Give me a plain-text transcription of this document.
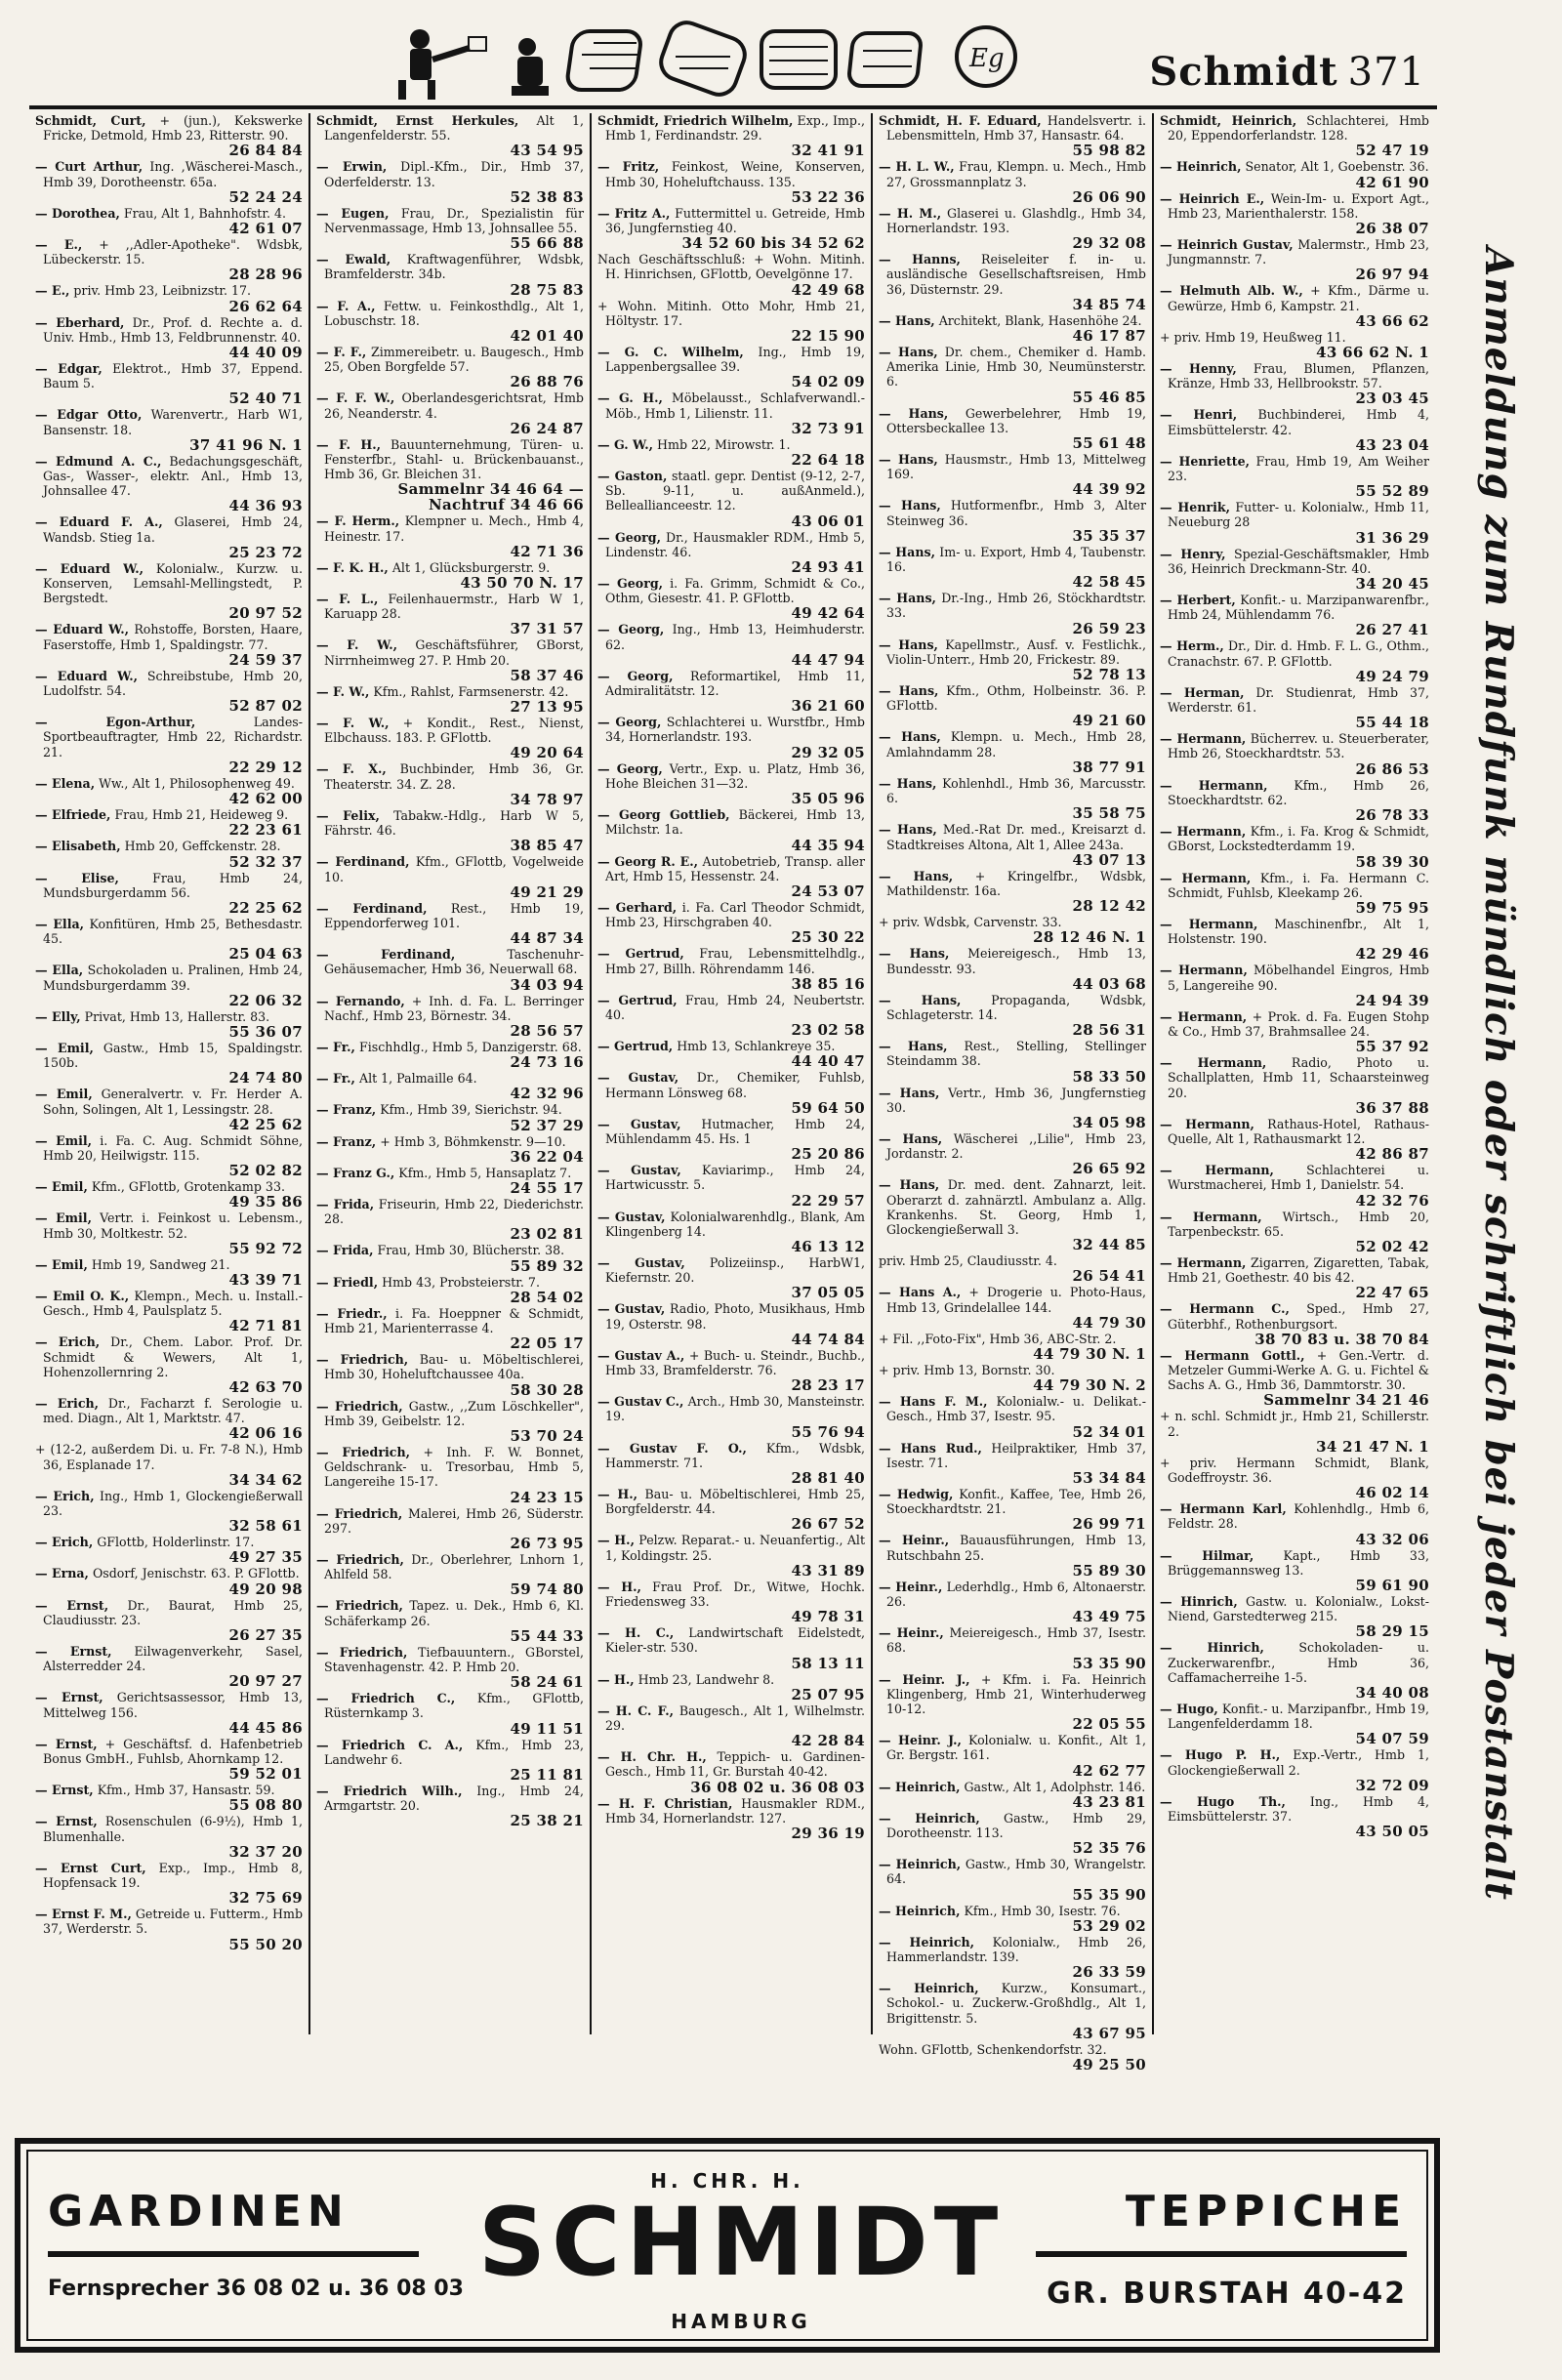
Eg	Schmidt 371
Schmidt, Curt, + (jun.), Kekswerke Fricke, Detmold, Hmb 23, Ritterstr. 90.
26 84 84
— Curt Arthur, Ing. ,Wäscherei-Masch., Hmb 39, Dorotheenstr. 65a.
52 24 24
— Dorothea, Frau, Alt 1, Bahnhofstr. 4.
42 61 07
— E., + ,,Adler-Apotheke". Wdsbk, Lübeckerstr. 15.
28 28 96
— E., priv. Hmb 23, Leibnizstr. 17.
26 62 64
— Eberhard, Dr., Prof. d. Rechte a. d. Univ. Hmb., Hmb 13, Feldbrunnenstr. 40.
44 40 09
— Edgar, Elektrot., Hmb 37, Eppend. Baum 5.
52 40 71
— Edgar Otto, Warenvertr., Harb W1, Bansenstr. 18.
37 41 96 N. 1
— Edmund A. C., Bedachungsgeschäft, Gas-, Wasser-, elektr. Anl., Hmb 13, Johnsallee 47.
44 36 93
— Eduard F. A., Glaserei, Hmb 24, Wandsb. Stieg 1a.
25 23 72
— Eduard W., Kolonialw., Kurzw. u. Konserven, Lemsahl-Mellingstedt, P. Bergstedt.
20 97 52
— Eduard W., Rohstoffe, Borsten, Haare, Faserstoffe, Hmb 1, Spaldingstr. 77.
24 59 37
— Eduard W., Schreibstube, Hmb 20, Ludolfstr. 54.
52 87 02
— Egon-Arthur,	Landes-Sportbeauftragter, Hmb 22, Richardstr. 21.
22 29 12
— Elena, Ww., Alt 1, Philosophenweg 49.
42 62 00
— Elfriede, Frau, Hmb 21, Heideweg 9.
22 23 61
— Elisabeth, Hmb 20, Geffckenstr. 28.
52 32 37
— Elise,	Frau, Hmb 24, Mundsburgerdamm 56.
22 25 62
— Ella, Konfitüren, Hmb 25, Bethesdastr. 45.
25 04 63
— Ella, Schokoladen u. Pralinen, Hmb 24, Mundsburgerdamm 39.
22 06 32
— Elly, Privat, Hmb 13, Hallerstr. 83.
55 36 07
— Emil, Gastw., Hmb 15, Spaldingstr. 150b.
24 74 80
— Emil, Generalvertr. v. Fr. Herder A. Sohn, Solingen, Alt 1, Lessingstr. 28.
42 25 62
— Emil, i. Fa. C. Aug. Schmidt Söhne, Hmb 20, Heilwigstr. 115.
52 02 82
— Emil, Kfm., GFlottb, Grotenkamp 33.
49 35 86
— Emil, Vertr. i. Feinkost u. Lebensm., Hmb 30, Moltkestr. 52.
55 92 72
— Emil, Hmb 19, Sandweg 21.
43 39 71
— Emil O. K., Klempn., Mech. u. Install.-Gesch., Hmb 4, Paulsplatz 5.
42 71 81
— Erich, Dr., Chem. Labor. Prof. Dr. Schmidt & Wewers, Alt 1, Hohenzollernring 2.
42 63 70
— Erich, Dr., Facharzt f. Serologie u. med. Diagn., Alt 1, Marktstr. 47.
42 06 16
+ (12-2, außerdem Di. u. Fr. 7-8 N.), Hmb 36, Esplanade 17.
34 34 62
— Erich, Ing., Hmb 1, Glockengießerwall 23.
32 58 61
— Erich, GFlottb, Holderlinstr. 17.
49 27 35
— Erna, Osdorf, Jenischstr. 63. P. GFlottb.
49 20 98
— Ernst, Dr., Baurat, Hmb 25, Claudiusstr. 23.
26 27 35
— Ernst, Eilwagenverkehr, Sasel, Alsterredder 24.
20 97 27
— Ernst, Gerichtsassessor, Hmb 13, Mittelweg 156.
44 45 86
— Ernst, + Geschäftsf. d. Hafenbetrieb Bonus GmbH., Fuhlsb, Ahornkamp 12.
59 52 01
— Ernst, Kfm., Hmb 37, Hansastr. 59.
55 08 80
— Ernst, Rosenschulen (6-9½), Hmb 1, Blumenhalle.
32 37 20
— Ernst Curt, Exp., Imp., Hmb 8, Hopfensack 19.
32 75 69
— Ernst F. M., Getreide u. Futterm., Hmb 37, Werderstr. 5.
55 50 20
Schmidt, Ernst Herkules, Alt 1, Langenfelderstr. 55.
43 54 95
— Erwin, Dipl.-Kfm., Dir., Hmb 37, Oderfelderstr. 13.
52 38 83
— Eugen, Frau, Dr., Spezialistin für Nervenmassage, Hmb 13, Johnsallee 55.
55 66 88
— Ewald, Kraftwagenführer, Wdsbk, Bramfelderstr. 34b.
28 75 83
— F. A., Fettw. u. Feinkosthdlg., Alt 1, Lobuschstr. 18.
42 01 40
— F. F., Zimmereibetr. u. Baugesch., Hmb 25, Oben Borgfelde 57.
26 88 76
— F. F. W., Oberlandesgerichtsrat, Hmb 26, Neanderstr. 4.
26 24 87
— F. H., Bauunternehmung, Türen- u. Fensterfbr., Stahl- u. Brückenbauanst., Hmb 36, Gr. Bleichen 31.
Sammelnr 34 46 64 — Nachtruf 34 46 66
— F. Herm., Klempner u. Mech., Hmb 4, Heinestr. 17.
42 71 36
— F. K. H., Alt 1, Glücksburgerstr. 9.
43 50 70 N. 17
— F. L., Feilenhauermstr., Harb W 1, Karuapp 28.
37 31 57
— F. W., Geschäftsführer, GBorst, Nirrnheimweg 27. P. Hmb 20.
58 37 46
— F. W., Kfm., Rahlst, Farmsenerstr. 42.
27 13 95
— F. W., + Kondit., Rest., Nienst, Elbchauss. 183. P. GFlottb.
49 20 64
— F. X., Buchbinder, Hmb 36, Gr. Theaterstr. 34. Z. 28.
34 78 97
— Felix, Tabakw.-Hdlg., Harb W 5, Fährstr. 46.
38 85 47
— Ferdinand, Kfm., GFlottb, Vogelweide 10.
49 21 29
— Ferdinand, Rest., Hmb 19, Eppendorferweg 101.
44 87 34
— Ferdinand,	Taschenuhr-Gehäusemacher, Hmb 36, Neuerwall 68.
34 03 94
— Fernando, + Inh. d. Fa. L. Berringer Nachf., Hmb 23, Börnestr. 34.
28 56 57
— Fr., Fischhdlg., Hmb 5, Danzigerstr. 68.
24 73 16
— Fr., Alt 1, Palmaille 64.
42 32 96
— Franz, Kfm., Hmb 39, Sierichstr. 94.
52 37 29
— Franz, + Hmb 3, Böhmkenstr. 9—10.
36 22 04
— Franz G., Kfm., Hmb 5, Hansaplatz 7.
24 55 17
— Frida, Friseurin, Hmb 22, Diederichstr. 28.
23 02 81
— Frida, Frau, Hmb 30, Blücherstr. 38.
55 89 32
— Friedl, Hmb 43, Probsteierstr. 7.
28 54 02
— Friedr., i. Fa. Hoeppner & Schmidt, Hmb 21, Marienterrasse 4.
22 05 17
— Friedrich, Bau- u. Möbeltischlerei, Hmb 30, Hoheluftchaussee 40a.
58 30 28
— Friedrich, Gastw., ,,Zum Löschkeller", Hmb 39, Geibelstr. 12.
53 70 24
— Friedrich, + Inh. F. W. Bonnet, Geldschrank- u. Tresorbau, Hmb 5, Langereihe 15-17.
24 23 15
— Friedrich, Malerei, Hmb 26, Süderstr. 297.
26 73 95
— Friedrich, Dr., Oberlehrer, Lnhorn 1, Ahlfeld 58.
59 74 80
— Friedrich, Tapez. u. Dek., Hmb 6, Kl. Schäferkamp 26.
55 44 33
— Friedrich, Tiefbauuntern., GBorstel, Stavenhagenstr. 42. P. Hmb 20.
58 24 61
— Friedrich C., Kfm., GFlottb, Rüsternkamp 3.
49 11 51
— Friedrich C. A., Kfm., Hmb 23, Landwehr 6.
25 11 81
— Friedrich Wilh., Ing., Hmb 24, Armgartstr. 20.
25 38 21
Schmidt, Friedrich Wilhelm, Exp., Imp., Hmb 1, Ferdinandstr. 29.
32 41 91
— Fritz, Feinkost, Weine, Konserven, Hmb 30, Hoheluftchauss. 135.
53 22 36
— Fritz A., Futtermittel u. Getreide, Hmb 36, Jungfernstieg 40.
34 52 60 bis 34 52 62
Nach Geschäftsschluß: + Wohn. Mitinh. H. Hinrichsen, GFlottb, Oevelgönne 17.
42 49 68
+ Wohn. Mitinh. Otto Mohr, Hmb 21, Höltystr. 17.
22 15 90
— G. C. Wilhelm, Ing., Hmb 19, Lappenbergsallee 39.
54 02 09
— G. H., Möbelausst., Schlafverwandl.-Möb., Hmb 1, Lilienstr. 11.
32 73 91
— G. W., Hmb 22, Mirowstr. 1.
22 64 18
— Gaston, staatl. gepr. Dentist (9-12, 2-7, Sb. 9-11, u. außAnmeld.), Belleallianceestr. 12.
43 06 01
— Georg, Dr., Hausmakler RDM., Hmb 5, Lindenstr. 46.
24 93 41
— Georg, i. Fa. Grimm, Schmidt & Co., Othm, Giesestr. 41. P. GFlottb.
49 42 64
— Georg, Ing., Hmb 13, Heimhuderstr. 62.
44 47 94
— Georg, Reformartikel, Hmb 11, Admiralitätstr. 12.
36 21 60
— Georg, Schlachterei u. Wurstfbr., Hmb 34, Hornerlandstr. 193.
29 32 05
— Georg, Vertr., Exp. u. Platz, Hmb 36, Hohe Bleichen 31—32.
35 05 96
— Georg Gottlieb, Bäckerei, Hmb 13, Milchstr. 1a.
44 35 94
— Georg R. E., Autobetrieb, Transp. aller Art, Hmb 15, Hessenstr. 24.
24 53 07
— Gerhard, i. Fa. Carl Theodor Schmidt, Hmb 23, Hirschgraben 40.
25 30 22
— Gertrud, Frau, Lebensmittelhdlg., Hmb 27, Billh. Röhrendamm 146.
38 85 16
— Gertrud, Frau, Hmb 24, Neubertstr. 40.
23 02 58
— Gertrud, Hmb 13, Schlankreye 35.
44 40 47
— Gustav, Dr., Chemiker, Fuhlsb, Hermann Lönsweg 68.
59 64 50
— Gustav, Hutmacher, Hmb 24, Mühlendamm 45. Hs. 1
25 20 86
— Gustav, Kaviarimp., Hmb 24, Hartwicusstr. 5.
22 29 57
— Gustav, Kolonialwarenhdlg., Blank, Am Klingenberg 14.
46 13 12
— Gustav, Polizeiinsp., HarbW1, Kiefernstr. 20.
37 05 05
— Gustav, Radio, Photo, Musikhaus, Hmb 19, Osterstr. 98.
44 74 84
— Gustav A., + Buch- u. Steindr., Buchb., Hmb 33, Bramfelderstr. 76.
28 23 17
— Gustav C., Arch., Hmb 30, Mansteinstr. 19.
55 76 94
— Gustav F. O., Kfm., Wdsbk, Hammerstr. 71.
28 81 40
— H., Bau- u. Möbeltischlerei, Hmb 25, Borgfelderstr. 44.
26 67 52
— H., Pelzw. Reparat.- u. Neuanfertig., Alt 1, Koldingstr. 25.
43 31 89
— H., Frau Prof. Dr., Witwe, Hochk. Friedensweg 33.
49 78 31
— H. C., Landwirtschaft Eidelstedt, Kieler-str. 530.
58 13 11
— H., Hmb 23, Landwehr 8.
25 07 95
— H. C. F., Baugesch., Alt 1, Wilhelmstr. 29.
42 28 84
— H. Chr. H., Teppich- u. Gardinen-Gesch., Hmb 11, Gr. Burstah 40-42.
36 08 02 u. 36 08 03
— H. F. Christian, Hausmakler RDM., Hmb 34, Hornerlandstr. 127.
29 36 19
Schmidt, H. F. Eduard, Handelsvertr. i. Lebensmitteln, Hmb 37, Hansastr. 64.
55 98 82
— H. L. W., Frau, Klempn. u. Mech., Hmb 27, Grossmannplatz 3.
26 06 90
— H. M., Glaserei u. Glashdlg., Hmb 34, Hornerlandstr. 193.
29 32 08
— Hanns, Reiseleiter f. in- u. ausländische Gesellschaftsreisen, Hmb 36, Düsternstr. 29.
34 85 74
— Hans, Architekt, Blank, Hasenhöhe 24.
46 17 87
— Hans, Dr. chem., Chemiker d. Hamb. Amerika Linie, Hmb 30, Neumünsterstr. 6.
55 46 85
— Hans, Gewerbelehrer, Hmb 19, Ottersbeckallee 13.
55 61 48
— Hans, Hausmstr., Hmb 13, Mittelweg 169.
44 39 92
— Hans, Hutformenfbr., Hmb 3, Alter Steinweg 36.
35 35 37
— Hans, Im- u. Export, Hmb 4, Taubenstr. 16.
42 58 45
— Hans, Dr.-Ing., Hmb 26, Stöckhardtstr. 33.
26 59 23
— Hans, Kapellmstr., Ausf. v. Festlichk., Violin-Unterr., Hmb 20, Frickestr. 89.
52 78 13
— Hans, Kfm., Othm, Holbeinstr. 36. P. GFlottb.
49 21 60
— Hans, Klempn. u. Mech., Hmb 28, Amlahndamm 28.
38 77 91
— Hans, Kohlenhdl., Hmb 36, Marcusstr. 6.
35 58 75
— Hans, Med.-Rat Dr. med., Kreisarzt d. Stadtkreises Altona, Alt 1, Allee 243a.
43 07 13
— Hans, + Kringelfbr., Wdsbk, Mathildenstr. 16a.
28 12 42
+ priv. Wdsbk, Carvenstr. 33.
28 12 46 N. 1
— Hans, Meiereigesch., Hmb 13, Bundesstr. 93.
44 03 68
— Hans, Propaganda, Wdsbk, Schlageterstr. 14.
28 56 31
— Hans, Rest., Stelling, Stellinger Steindamm 38.
58 33 50
— Hans, Vertr., Hmb 36, Jungfernstieg 30.
34 05 98
— Hans, Wäscherei ,,Lilie", Hmb 23, Jordanstr. 2.
26 65 92
— Hans, Dr. med. dent. Zahnarzt, leit. Oberarzt d. zahnärztl. Ambulanz a. Allg. Krankenhs. St. Georg, Hmb 1, Glockengießerwall 3.
32 44 85
priv. Hmb 25, Claudiusstr. 4.
26 54 41
— Hans A., + Drogerie u. Photo-Haus, Hmb 13, Grindelallee 144.
44 79 30
+ Fil. ,,Foto-Fix", Hmb 36, ABC-Str. 2.
44 79 30 N. 1
+ priv. Hmb 13, Bornstr. 30.
44 79 30 N. 2
— Hans F. M., Kolonialw.- u. Delikat.-Gesch., Hmb 37, Isestr. 95.
52 34 01
— Hans Rud., Heilpraktiker, Hmb 37, Isestr. 71.
53 34 84
— Hedwig, Konfit., Kaffee, Tee, Hmb 26, Stoeckhardtstr. 21.
26 99 71
— Heinr., Bauausführungen, Hmb 13, Rutschbahn 25.
55 89 30
— Heinr., Lederhdlg., Hmb 6, Altonaerstr. 26.
43 49 75
— Heinr., Meiereigesch., Hmb 37, Isestr. 68.
53 35 90
— Heinr. J., + Kfm. i. Fa. Heinrich Klingenberg, Hmb 21, Winterhuderweg 10-12.
22 05 55
— Heinr. J., Kolonialw. u. Konfit., Alt 1, Gr. Bergstr. 161.
42 62 77
— Heinrich, Gastw., Alt 1, Adolphstr. 146.
43 23 81
— Heinrich, Gastw., Hmb 29, Dorotheenstr. 113.
52 35 76
— Heinrich, Gastw., Hmb 30, Wrangelstr. 64.
55 35 90
— Heinrich, Kfm., Hmb 30, Isestr. 76.
53 29 02
— Heinrich, Kolonialw., Hmb 26, Hammerlandstr. 139.
26 33 59
— Heinrich, Kurzw., Konsumart., Schokol.- u. Zuckerw.-Großhdlg., Alt 1, Brigittenstr. 5.
43 67 95
Wohn. GFlottb, Schenkendorfstr. 32.
49 25 50
Schmidt, Heinrich, Schlachterei, Hmb 20, Eppendorferlandstr. 128.
52 47 19
— Heinrich, Senator, Alt 1, Goebenstr. 36.
42 61 90
— Heinrich E., Wein-Im- u. Export Agt., Hmb 23, Marienthalerstr. 158.
26 38 07
— Heinrich Gustav, Malermstr., Hmb 23, Jungmannstr. 7.
26 97 94
— Helmuth Alb. W., + Kfm., Därme u. Gewürze, Hmb 6, Kampstr. 21.
43 66 62
+ priv. Hmb 19, Heußweg 11.
43 66 62 N. 1
— Henny, Frau, Blumen, Pflanzen, Kränze, Hmb 33, Hellbrookstr. 57.
23 03 45
— Henri, Buchbinderei, Hmb 4, Eimsbüttelerstr. 42.
43 23 04
— Henriette, Frau, Hmb 19, Am Weiher 23.
55 52 89
— Henrik, Futter- u. Kolonialw., Hmb 11, Neueburg 28
31 36 29
— Henry, Spezial-Geschäftsmakler, Hmb 36, Heinrich Dreckmann-Str. 40.
34 20 45
— Herbert, Konfit.- u. Marzipanwarenfbr., Hmb 24, Mühlendamm 76.
26 27 41
— Herm., Dr., Dir. d. Hmb. F. L. G., Othm., Cranachstr. 67. P. GFlottb.
49 24 79
— Herman, Dr. Studienrat, Hmb 37, Werderstr. 61.
55 44 18
— Hermann, Bücherrev. u. Steuerberater, Hmb 26, Stoeckhardtstr. 53.
26 86 53
— Hermann, Kfm., Hmb 26, Stoeckhardtstr. 62.
26 78 33
— Hermann, Kfm., i. Fa. Krog & Schmidt, GBorst, Lockstedterdamm 19.
58 39 30
— Hermann, Kfm., i. Fa. Hermann C. Schmidt, Fuhlsb, Kleekamp 26.
59 75 95
— Hermann, Maschinenfbr., Alt 1, Holstenstr. 190.
42 29 46
— Hermann, Möbelhandel Eingros, Hmb 5, Langereihe 90.
24 94 39
— Hermann, + Prok. d. Fa. Eugen Stohp & Co., Hmb 37, Brahmsallee 24.
55 37 92
— Hermann, Radio, Photo u. Schallplatten, Hmb 11, Schaarsteinweg 20.
36 37 88
— Hermann, Rathaus-Hotel, Rathaus-Quelle, Alt 1, Rathausmarkt 12.
42 86 87
— Hermann,	Schlachterei u. Wurstmacherei, Hmb 1, Danielstr. 54.
42 32 76
— Hermann, Wirtsch., Hmb 20, Tarpenbeckstr. 65.
52 02 42
— Hermann, Zigarren, Zigaretten, Tabak, Hmb 21, Goethestr. 40 bis 42.
22 47 65
— Hermann C., Sped., Hmb 27, Güterbhf., Rothenburgsort.
38 70 83 u. 38 70 84
— Hermann Gottl., + Gen.-Vertr. d. Metzeler Gummi-Werke A. G. u. Fichtel & Sachs A. G., Hmb 36, Dammtorstr. 30.
Sammelnr 34 21 46
+ n. schl. Schmidt jr., Hmb 21, Schillerstr. 2.
34 21 47 N. 1
+ priv. Hermann Schmidt, Blank, Godeffroystr. 36.
46 02 14
— Hermann Karl, Kohlenhdlg., Hmb 6, Feldstr. 28.
43 32 06
— Hilmar, Kapt., Hmb 33, Brüggemannsweg 13.
59 61 90
— Hinrich, Gastw. u. Kolonialw., Lokst-Niend, Garstedterweg 215.
58 29 15
— Hinrich,	Schokoladen- u. Zuckerwarenfbr., Hmb 36, Caffamacherreihe 1-5.
34 40 08
— Hugo, Konfit.- u. Marzipanfbr., Hmb 19, Langenfelderdamm 18.
54 07 59
— Hugo P. H., Exp.-Vertr., Hmb 1, Glockengießerwall 2.
32 72 09
— Hugo Th., Ing., Hmb 4, Eimsbüttelerstr. 37.
43 50 05 Anmeldung zum Rundfunk mündlich oder schriftlich bei jeder Postanstalt
GARDINEN
Fernsprecher 36 08 02 u. 36 08 03
H. CHR. H.
SCHMIDT
HAMBURG
TEPPICHE
GR. BURSTAH 40-42
